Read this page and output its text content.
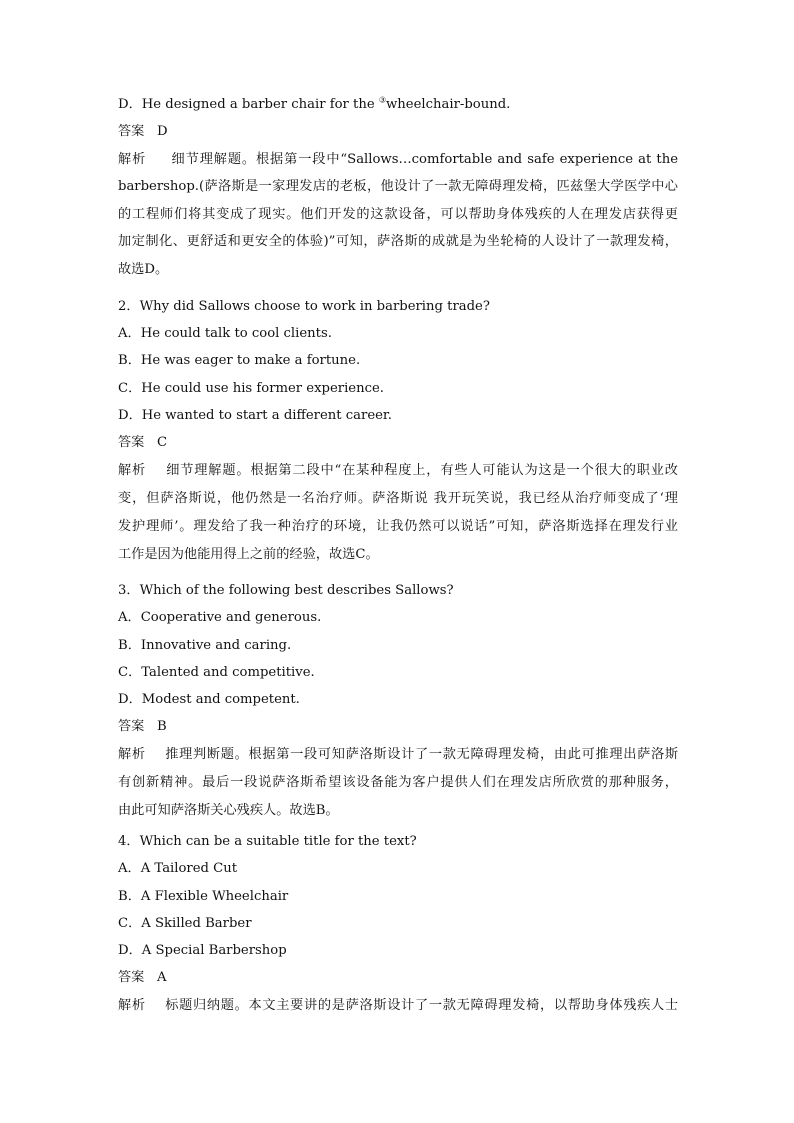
D．He designed a barber chair for the ③wheelchair-bound.
答案 D
解析 细节理解题。根据第一段中“Sallows…comfortable and safe experience at the
barbershop.(萨洛斯是一家理发店的老板，他设计了一款无障碍理发椅，匹兹堡大学医学中心
的工程师们将其变成了现实。他们开发的这款设备，可以帮助身体残疾的人在理发店获得更
加定制化、更舒适和更安全的体验)”可知，萨洛斯的成就是为坐轮椅的人设计了一款理发椅，
故选D。
2．Why did Sallows choose to work in barbering trade?
A．He could talk to cool clients.
B．He was eager to make a fortune.
C．He could use his former experience.
D．He wanted to start a different career.
答案 C
解析 细节理解题。根据第二段中“在某种程度上，有些人可能认为这是一个很大的职业改
变，但萨洛斯说，他仍然是一名治疗师。萨洛斯说 我开玩笑说，我已经从治疗师变成了‘理
发护理师’。理发给了我一种治疗的环境，让我仍然可以说话”可知，萨洛斯选择在理发行业
工作是因为他能用得上之前的经验，故选C。
3．Which of the following best describes Sallows?
A．Cooperative and generous.
B．Innovative and caring.
C．Talented and competitive.
D．Modest and competent.
答案 B
解析 推理判断题。根据第一段可知萨洛斯设计了一款无障碍理发椅，由此可推理出萨洛斯
有创新精神。最后一段说萨洛斯希望该设备能为客户提供人们在理发店所欣赏的那种服务，
由此可知萨洛斯关心残疾人。故选B。
4．Which can be a suitable title for the text?
A．A Tailored Cut
B．A Flexible Wheelchair
C．A Skilled Barber
D．A Special Barbershop
答案 A
解析 标题归纳题。本文主要讲的是萨洛斯设计了一款无障碍理发椅，以帮助身体残疾人士
